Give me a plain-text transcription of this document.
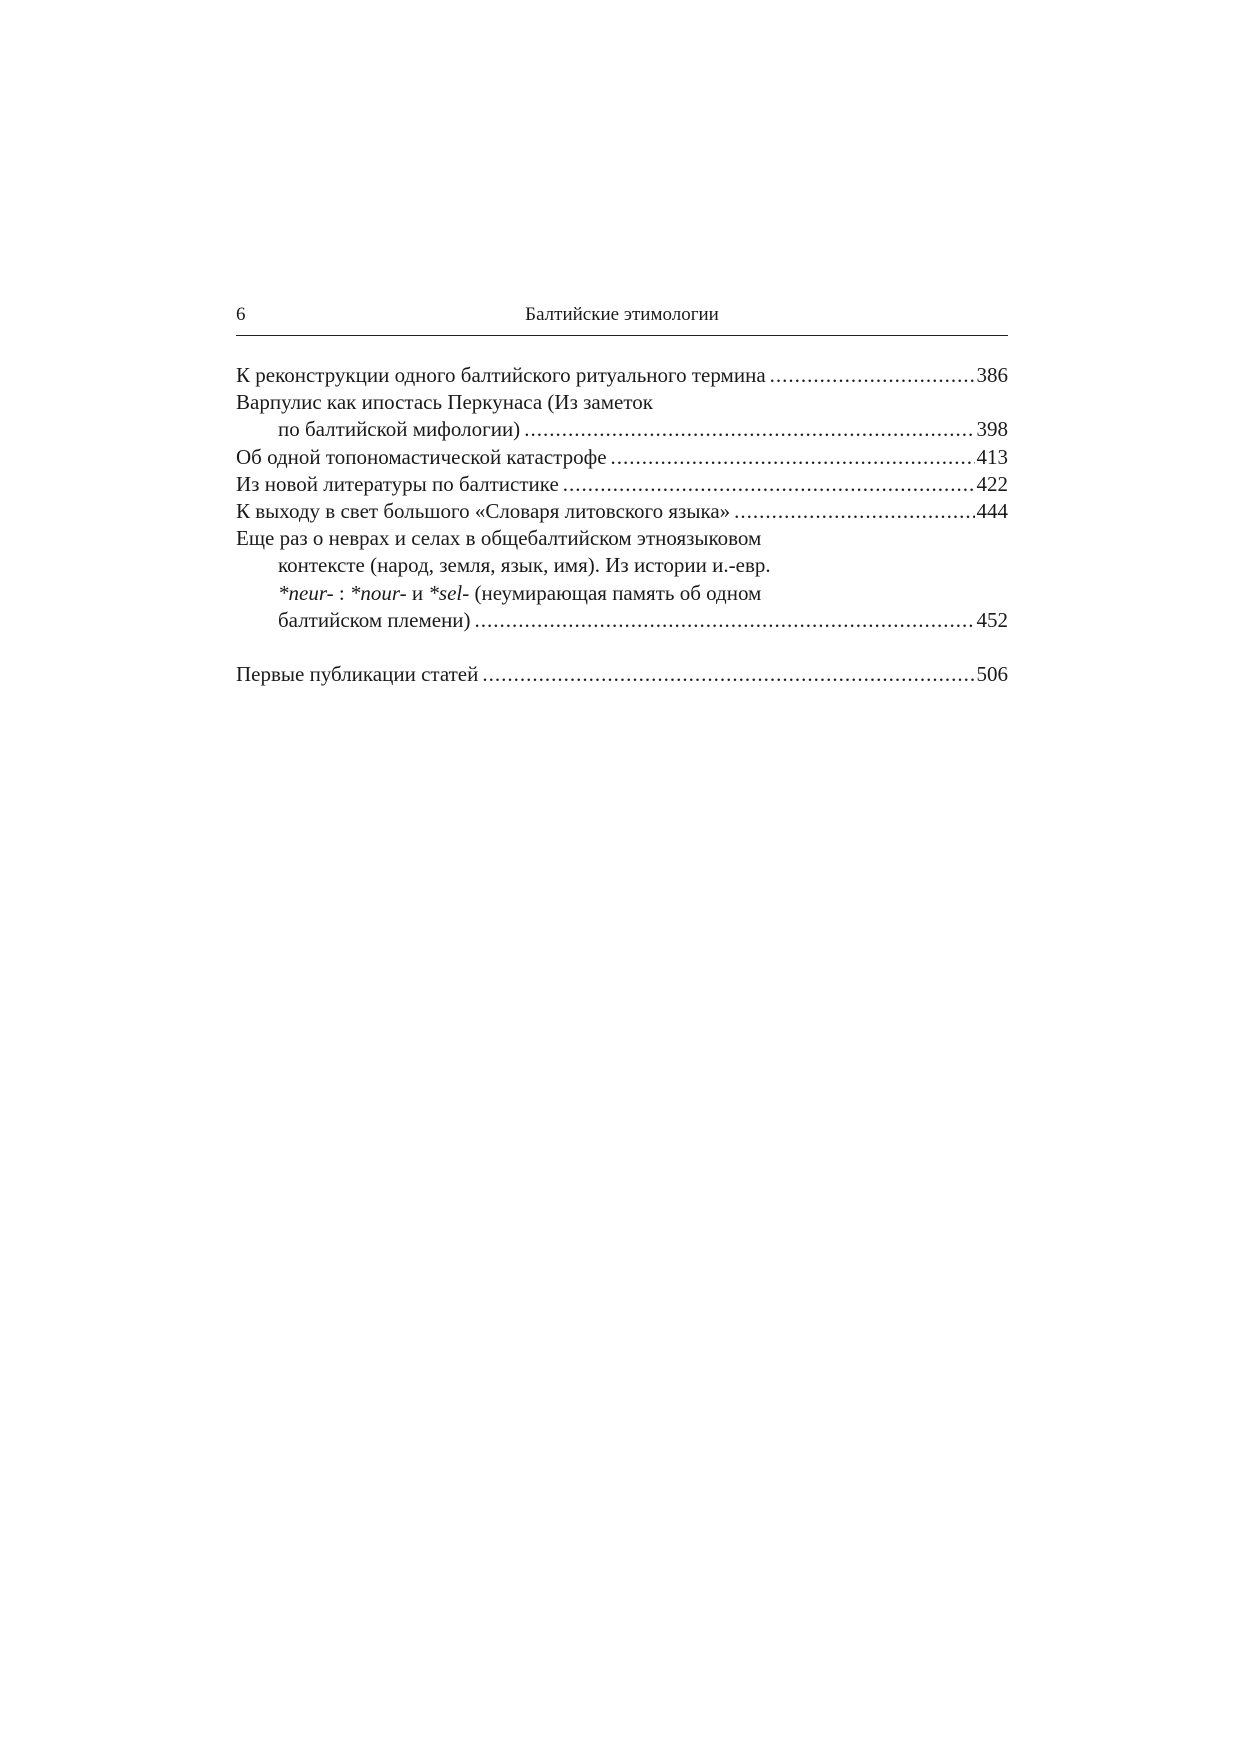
6	Балтийские этимологии
К реконструкции одного балтийского ритуального термина .....	386
Варпулис как ипостась Перкунаса (Из заметок
по балтийской мифологии) .....	398
Об одной топономастической катастрофе .....	413
Из новой литературы по балтистике .....	422
К выходу в свет большого «Словаря литовского языка» .....	444
Еще раз о неврах и селах в общебалтийском этноязыковом
контексте (народ, земля, язык, имя). Из истории и.-евр.
*neur- : *nour- и *sel- (неумирающая память об одном
балтийском племени) .....	452
Первые публикации статей .....	506
